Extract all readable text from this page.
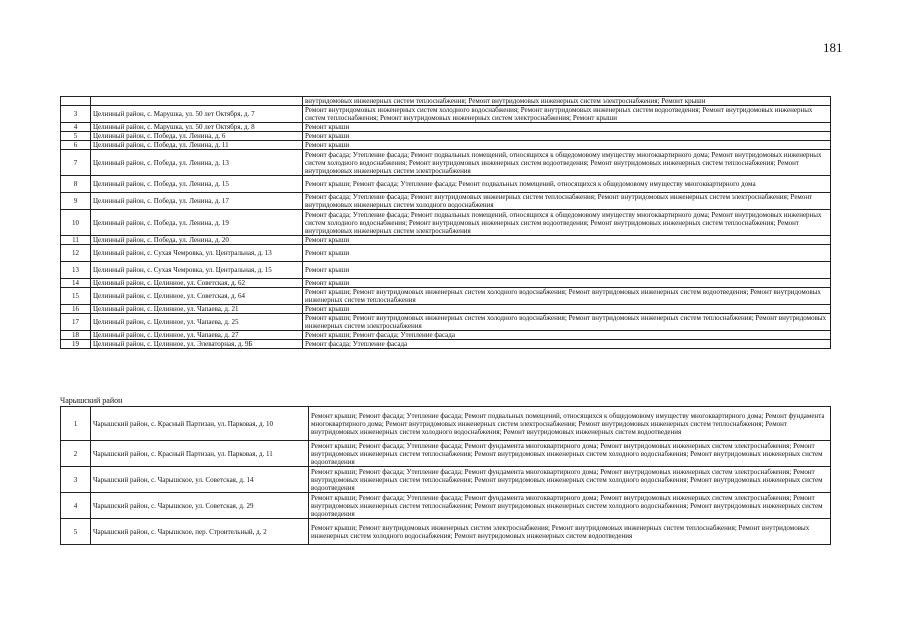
181
		внутридомовых инженерных систем теплоснабжения; Ремонт внутридомовых инженерных систем электроснабжения; Ремонт крыши
3	Целинный район, с. Марушка, ул. 50 лет Октября, д. 7	Ремонт внутридомовых инженерных систем холодного водоснабжения; Ремонт внутридомовых инженерных систем водоотведения; Ремонт внутридомовых инженерных систем теплоснабжения; Ремонт внутридомовых инженерных систем электроснабжения; Ремонт крыши
4	Целинный район, с. Марушка, ул. 50 лет Октября, д. 8	Ремонт крыши
5	Целинный район, с. Победа, ул. Ленина, д. 6	Ремонт крыши
6	Целинный район, с. Победа, ул. Ленина, д. 11	Ремонт крыши
7	Целинный район, с. Победа, ул. Ленина, д. 13	Ремонт фасада; Утепление фасада; Ремонт подвальных помещений, относящихся к общедомовому имуществу многоквартирного дома; Ремонт внутридомовых инженерных систем холодного водоснабжения; Ремонт внутридомовых инженерных систем водоотведения; Ремонт внутридомовых инженерных систем теплоснабжения; Ремонт внутридомовых инженерных систем электроснабжения
8	Целинный район, с. Победа, ул. Ленина, д. 15	Ремонт крыши; Ремонт фасада; Утепление фасада; Ремонт подвальных помещений, относящихся к общедомовому имуществу многоквартирного дома
9	Целинный район, с. Победа, ул. Ленина, д. 17	Ремонт фасада; Утепление фасада; Ремонт внутридомовых инженерных систем теплоснабжения; Ремонт внутридомовых инженерных систем электроснабжения; Ремонт внутридомовых инженерных систем холодного водоснабжения
10	Целинный район, с. Победа, ул. Ленина, д. 19	Ремонт фасада; Утепление фасада; Ремонт подвальных помещений, относящихся к общедомовому имуществу многоквартирного дома; Ремонт внутридомовых инженерных систем холодного водоснабжения; Ремонт внутридомовых инженерных систем водоотведения; Ремонт внутридомовых инженерных систем теплоснабжения; Ремонт внутридомовых инженерных систем электроснабжения
11	Целинный район, с. Победа, ул. Ленина, д. 20	Ремонт крыши
12	Целинный район, с. Сухая Чемровка, ул. Центральная, д. 13	Ремонт крыши
13	Целинный район, с. Сухая Чемровка, ул. Центральная, д. 15	Ремонт крыши
14	Целинный район, с. Целинное, ул. Советская, д. 62	Ремонт крыши
15	Целинный район, с. Целинное, ул. Советская, д. 64	Ремонт крыши; Ремонт внутридомовых инженерных систем холодного водоснабжения; Ремонт внутридомовых инженерных систем водоотведения; Ремонт внутридомовых инженерных систем теплоснабжения
16	Целинный район, с. Целинное, ул. Чапаева, д. 21	Ремонт крыши
17	Целинный район, с. Целинное, ул. Чапаева, д. 25	Ремонт крыши; Ремонт внутридомовых инженерных систем холодного водоснабжения; Ремонт внутридомовых инженерных систем теплоснабжения; Ремонт внутридомовых инженерных систем электроснабжения
18	Целинный район, с. Целинное, ул. Чапаева, д. 27	Ремонт крыши; Ремонт фасада; Утепление фасада
19	Целинный район, с. Целинное, ул. Элеваторная, д. 9Б	Ремонт фасада; Утепление фасада
Чарышский район
1	Чарышский район, с. Красный Партизан, ул. Парковая, д. 10	Ремонт крыши; Ремонт фасада; Утепление фасада; Ремонт подвальных помещений, относящихся к общедомовому имуществу многоквартирного дома; Ремонт фундамента многоквартирного дома; Ремонт внутридомовых инженерных систем электроснабжения; Ремонт внутридомовых инженерных систем теплоснабжения; Ремонт внутридомовых инженерных систем холодного водоснабжения; Ремонт внутридомовых инженерных систем водоотведения
2	Чарышский район, с. Красный Партизан, ул. Парковая, д. 11	Ремонт крыши; Ремонт фасада; Утепление фасада; Ремонт фундамента многоквартирного дома; Ремонт внутридомовых инженерных систем электроснабжения; Ремонт внутридомовых инженерных систем теплоснабжения; Ремонт внутридомовых инженерных систем холодного водоснабжения; Ремонт внутридомовых инженерных систем водоотведения
3	Чарышский район, с. Чарышское, ул. Советская, д. 14	Ремонт крыши; Ремонт фасада; Утепление фасада; Ремонт фундамента многоквартирного дома; Ремонт внутридомовых инженерных систем электроснабжения; Ремонт внутридомовых инженерных систем теплоснабжения; Ремонт внутридомовых инженерных систем холодного водоснабжения; Ремонт внутридомовых инженерных систем водоотведения
4	Чарышский район, с. Чарышское, ул. Советская, д. 29	Ремонт крыши; Ремонт фасада; Утепление фасада; Ремонт фундамента многоквартирного дома; Ремонт внутридомовых инженерных систем электроснабжения; Ремонт внутридомовых инженерных систем теплоснабжения; Ремонт внутридомовых инженерных систем холодного водоснабжения; Ремонт внутридомовых инженерных систем водоотведения
5	Чарышский район, с. Чарышское, пер. Строительный, д. 2	Ремонт крыши; Ремонт внутридомовых инженерных систем электроснабжения; Ремонт внутридомовых инженерных систем теплоснабжения; Ремонт внутридомовых инженерных систем холодного водоснабжения; Ремонт внутридомовых инженерных систем водоотведения
